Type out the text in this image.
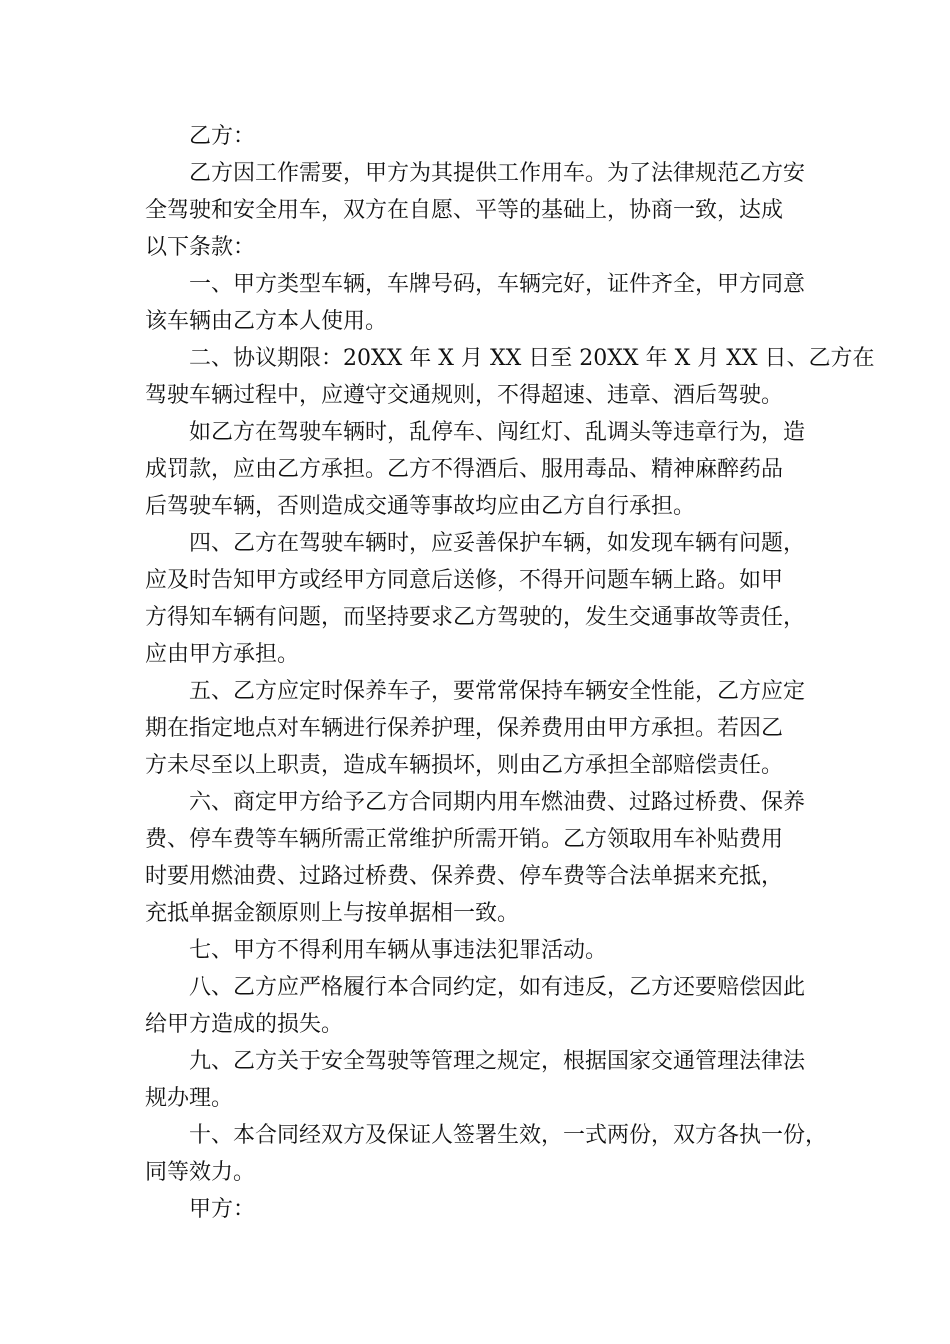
乙方：

乙方因工作需要，甲方为其提供工作用车。为了法律规范乙方安
全驾驶和安全用车，双方在自愿、平等的基础上，协商一致，达成
以下条款：

一、甲方类型车辆，车牌号码，车辆完好，证件齐全，甲方同意
该车辆由乙方本人使用。

二、协议期限：20XX 年 X 月 XX 日至 20XX 年 X 月 XX 日、乙方在
驾驶车辆过程中，应遵守交通规则，不得超速、违章、酒后驾驶。

如乙方在驾驶车辆时，乱停车、闯红灯、乱调头等违章行为，造
成罚款，应由乙方承担。乙方不得酒后、服用毒品、精神麻醉药品
后驾驶车辆，否则造成交通等事故均应由乙方自行承担。

四、乙方在驾驶车辆时，应妥善保护车辆，如发现车辆有问题，
应及时告知甲方或经甲方同意后送修，不得开问题车辆上路。如甲
方得知车辆有问题，而坚持要求乙方驾驶的，发生交通事故等责任，
应由甲方承担。

五、乙方应定时保养车子，要常常保持车辆安全性能，乙方应定
期在指定地点对车辆进行保养护理，保养费用由甲方承担。若因乙
方未尽至以上职责，造成车辆损坏，则由乙方承担全部赔偿责任。

六、商定甲方给予乙方合同期内用车燃油费、过路过桥费、保养
费、停车费等车辆所需正常维护所需开销。乙方领取用车补贴费用
时要用燃油费、过路过桥费、保养费、停车费等合法单据来充抵，
充抵单据金额原则上与按单据相一致。

七、甲方不得利用车辆从事违法犯罪活动。

八、乙方应严格履行本合同约定，如有违反，乙方还要赔偿因此
给甲方造成的损失。

九、乙方关于安全驾驶等管理之规定，根据国家交通管理法律法
规办理。

十、本合同经双方及保证人签署生效，一式两份，双方各执一份，
同等效力。

甲方：
